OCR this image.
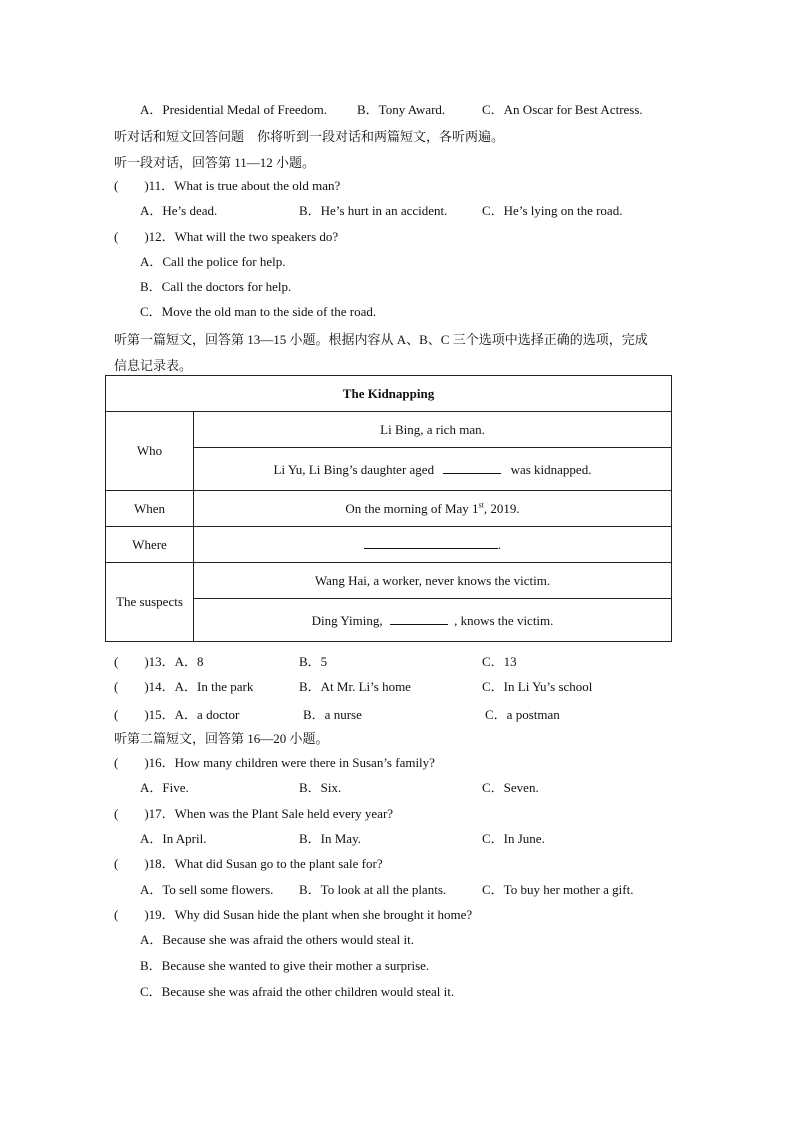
A．Presidential Medal of Freedom. B．Tony Award.	C．An Oscar for Best Actress.
听对话和短文回答问题　你将听到一段对话和两篇短文，各听两遍。
听一段对话，回答第 11—12 小题。
(　　)11．What is true about the old man?
A．He’s dead.	B．He’s hurt in an accident.	C．He’s lying on the road.
(　　)12．What will the two speakers do?
A．Call the police for help.
B．Call the doctors for help.
C．Move the old man to the side of the road.
听第一篇短文，回答第 13—15 小题。根据内容从 A、B、C 三个选项中选择正确的选项，完成
信息记录表。
The Kidnapping	
Who	Li Bing, a rich man.
	Li Yu, Li Bing’s daughter aged was kidnapped.
When	On the morning of May 1st, 2019.
Where	.
The suspects	Wang Hai, a worker, never knows the victim.
	Ding Yiming, , knows the victim.
(　　)13．A．8	B．5	C．13
(　　)14．A．In the park	B．At Mr. Li’s home	C．In Li Yu’s school
(　　)15．A．a doctor	B．a nurse	C．a postman
听第二篇短文，回答第 16—20 小题。
(　　)16．How many children were there in Susan’s family?
A．Five.	B．Six.	C．Seven.
(　　)17．When was the Plant Sale held every year?
A．In April.	B．In May.	C．In June.
(　　)18．What did Susan go to the plant sale for?
A．To sell some flowers. B．To look at all the plants.	C．To buy her mother a gift.
(　　)19．Why did Susan hide the plant when she brought it home?
A．Because she was afraid the others would steal it.
B．Because she wanted to give their mother a surprise.
C．Because she was afraid the other children would steal it.
